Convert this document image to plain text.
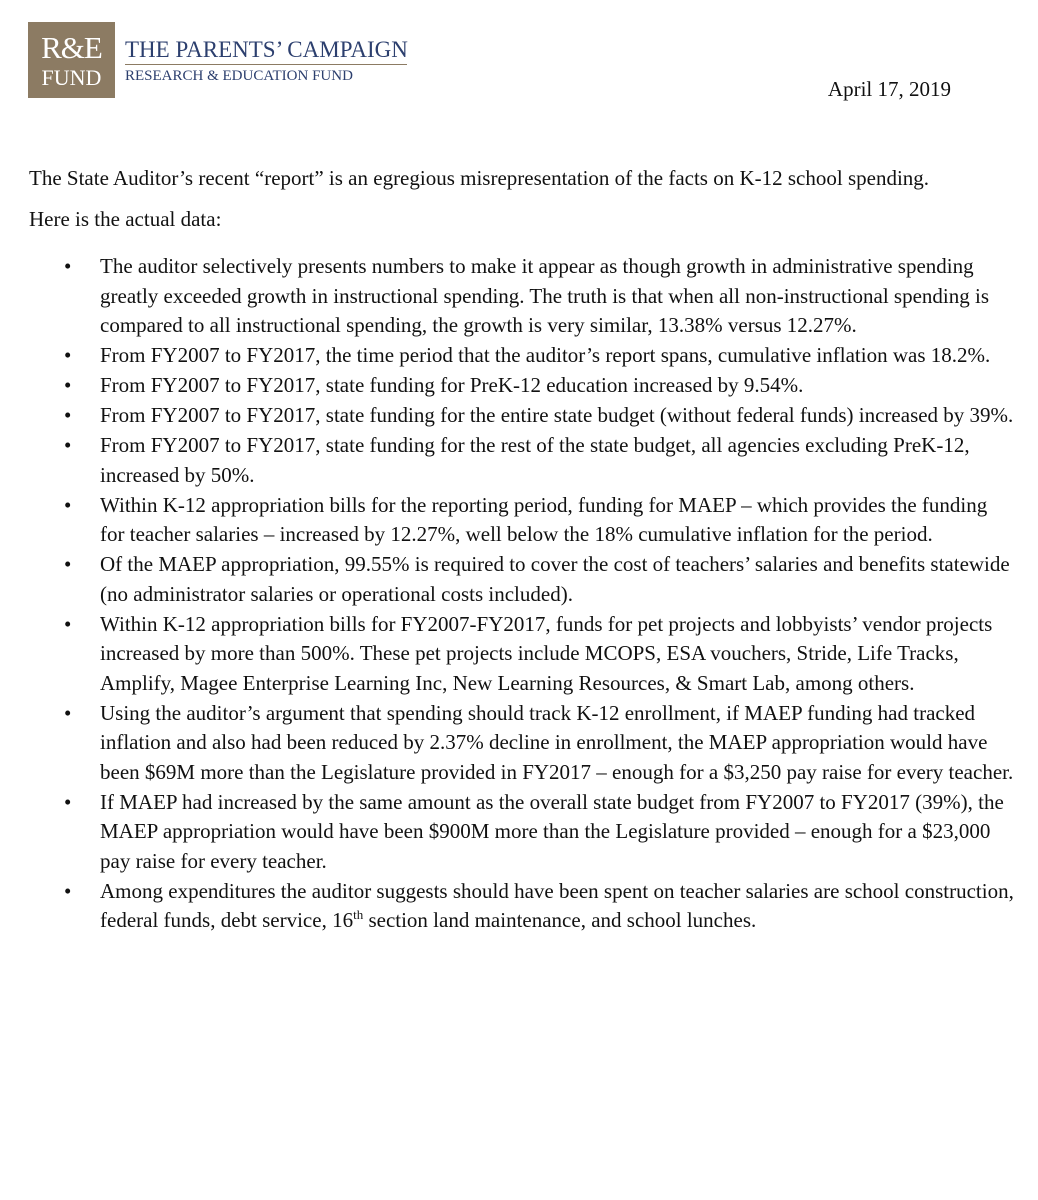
R&E
FUND
THE PARENTS’ CAMPAIGN
RESEARCH & EDUCATION FUND
April 17, 2019

The State Auditor’s recent “report” is an egregious misrepresentation of the facts on K-12 school spending.

Here is the actual data:

• The auditor selectively presents numbers to make it appear as though growth in administrative spending greatly exceeded growth in instructional spending. The truth is that when all non-instructional spending is compared to all instructional spending, the growth is very similar, 13.38% versus 12.27%.
• From FY2007 to FY2017, the time period that the auditor’s report spans, cumulative inflation was 18.2%.
• From FY2007 to FY2017, state funding for PreK-12 education increased by 9.54%.
• From FY2007 to FY2017, state funding for the entire state budget (without federal funds) increased by 39%.
• From FY2007 to FY2017, state funding for the rest of the state budget, all agencies excluding PreK-12, increased by 50%.
• Within K-12 appropriation bills for the reporting period, funding for MAEP – which provides the funding for teacher salaries – increased by 12.27%, well below the 18% cumulative inflation for the period.
• Of the MAEP appropriation, 99.55% is required to cover the cost of teachers’ salaries and benefits statewide (no administrator salaries or operational costs included).
• Within K-12 appropriation bills for FY2007-FY2017, funds for pet projects and lobbyists’ vendor projects increased by more than 500%. These pet projects include MCOPS, ESA vouchers, Stride, Life Tracks, Amplify, Magee Enterprise Learning Inc, New Learning Resources, & Smart Lab, among others.
• Using the auditor’s argument that spending should track K-12 enrollment, if MAEP funding had tracked inflation and also had been reduced by 2.37% decline in enrollment, the MAEP appropriation would have been $69M more than the Legislature provided in FY2017 – enough for a $3,250 pay raise for every teacher.
• If MAEP had increased by the same amount as the overall state budget from FY2007 to FY2017 (39%), the MAEP appropriation would have been $900M more than the Legislature provided – enough for a $23,000 pay raise for every teacher.
• Among expenditures the auditor suggests should have been spent on teacher salaries are school construction, federal funds, debt service, 16th section land maintenance, and school lunches.
